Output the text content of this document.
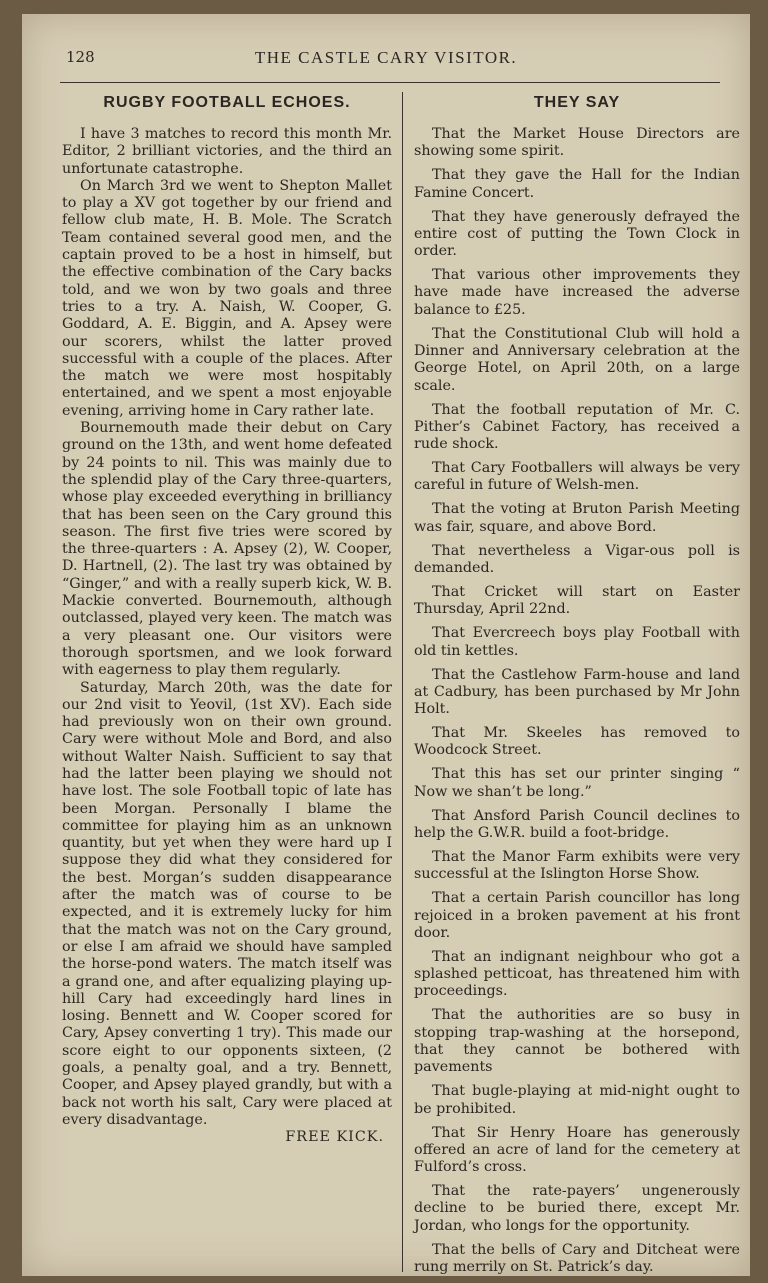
128	THE CASTLE CARY VISITOR.
RUGBY FOOTBALL ECHOES.

I have 3 matches to record this month Mr. Editor, 2 brilliant victories, and the third an unfortunate catastrophe.

On March 3rd we went to Shepton Mallet to play a XV got together by our friend and fellow club mate, H. B. Mole. The Scratch Team contained several good men, and the captain proved to be a host in himself, but the effective combination of the Cary backs told, and we won by two goals and three tries to a try. A. Naish, W. Cooper, G. Goddard, A. E. Biggin, and A. Apsey were our scorers, whilst the latter proved successful with a couple of the places. After the match we were most hospitably entertained, and we spent a most enjoyable evening, arriving home in Cary rather late.

Bournemouth made their debut on Cary ground on the 13th, and went home defeated by 24 points to nil. This was mainly due to the splendid play of the Cary three-quarters, whose play exceeded everything in brilliancy that has been seen on the Cary ground this season. The first five tries were scored by the three-quarters : A. Apsey (2), W. Cooper, D. Hartnell, (2). The last try was obtained by “Ginger,” and with a really superb kick, W. B. Mackie converted. Bournemouth, although outclassed, played very keen. The match was a very pleasant one. Our visitors were thorough sportsmen, and we look forward with eagerness to play them regularly.

Saturday, March 20th, was the date for our 2nd visit to Yeovil, (1st XV). Each side had previously won on their own ground. Cary were without Mole and Bord, and also without Walter Naish. Sufficient to say that had the latter been playing we should not have lost. The sole Football topic of late has been Morgan. Personally I blame the committee for playing him as an unknown quantity, but yet when they were hard up I suppose they did what they considered for the best. Morgan’s sudden disappearance after the match was of course to be expected, and it is extremely lucky for him that the match was not on the Cary ground, or else I am afraid we should have sampled the horse-pond waters. The match itself was a grand one, and after equalizing playing up-hill Cary had exceedingly hard lines in losing. Bennett and W. Cooper scored for Cary, Apsey converting 1 try). This made our score eight to our opponents sixteen, (2 goals, a penalty goal, and a try. Bennett, Cooper, and Apsey played grandly, but with a back not worth his salt, Cary were placed at every disadvantage.

FREE KICK.
THEY SAY

That the Market House Directors are showing some spirit.

That they gave the Hall for the Indian Famine Concert.

That they have generously defrayed the entire cost of putting the Town Clock in order.

That various other improvements they have made have increased the adverse balance to £25.

That the Constitutional Club will hold a Dinner and Anniversary celebration at the George Hotel, on April 20th, on a large scale.

That the football reputation of Mr. C. Pither’s Cabinet Factory, has received a rude shock.

That Cary Footballers will always be very careful in future of Welsh-men.

That the voting at Bruton Parish Meeting was fair, square, and above Bord.

That nevertheless a Vigar-ous poll is demanded.

That Cricket will start on Easter Thursday, April 22nd.

That Evercreech boys play Football with old tin kettles.

That the Castlehow Farm-house and land at Cadbury, has been purchased by Mr John Holt.

That Mr. Skeeles has removed to Woodcock Street.

That this has set our printer singing “ Now we shan’t be long.”

That Ansford Parish Council declines to help the G.W.R. build a foot-bridge.

That the Manor Farm exhibits were very successful at the Islington Horse Show.

That a certain Parish councillor has long rejoiced in a broken pavement at his front door.

That an indignant neighbour who got a splashed petticoat, has threatened him with proceedings.

That the authorities are so busy in stopping trap-washing at the horsepond, that they cannot be bothered with pavements

That bugle-playing at mid-night ought to be prohibited.

That Sir Henry Hoare has generously offered an acre of land for the cemetery at Fulford’s cross.

That the rate-payers’ ungenerously decline to be buried there, except Mr. Jordan, who longs for the opportunity.

That the bells of Cary and Ditcheat were rung merrily on St. Patrick’s day.
